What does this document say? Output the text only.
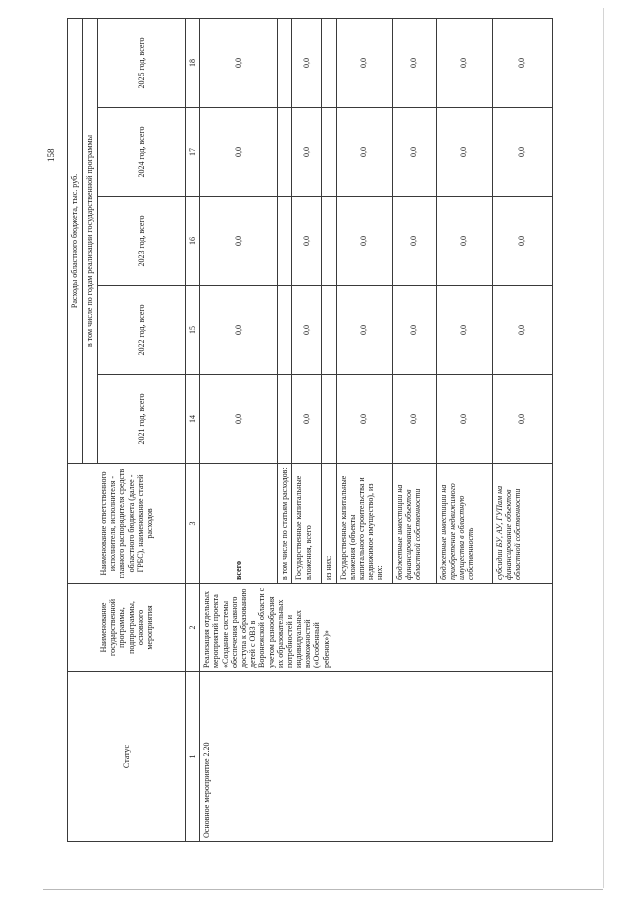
158
Статус	Наименование государственной программы, подпрограммы, основного мероприятия	Наименование ответственного исполнителя, исполнителя - главного распорядителя средств областного бюджета (далее - ГРБС), наименование статей расходов	Расходы областного бюджета, тыс. руб.				
			в том числе по годам реализации государственной программы				
			2021 год, всего	2022 год, всего	2023 год, всего	2024 год, всего	2025 год, всего
1	2	3	14	15	16	17	18
Основное мероприятие 2.20	Реализация отдельных мероприятий проекта «Создание системы обеспечения равного доступа к образованию детей с ОВЗ в Воронежской области с учетом разнообразия их образовательных потребностей и индивидуальных возможностей («Особенный ребенок»)»	всего	0,0	0,0	0,0	0,0	0,0
		в том числе по статьям расходов:					
		Государственные капитальные вложения, всего	0,0	0,0	0,0	0,0	0,0
		из них:					
		Государственные капитальные вложения (объекты капитального строительства и недвижимое имущество), из них:	0,0	0,0	0,0	0,0	0,0
		бюджетные инвестиции на финансирование объектов областной собственности	0,0	0,0	0,0	0,0	0,0
		бюджетные инвестиции на приобретение недвижимого имущества в областную собственность	0,0	0,0	0,0	0,0	0,0
		субсидии БУ, АУ, ГУПам на финансирование объектов областной собственности	0,0	0,0	0,0	0,0	0,0
